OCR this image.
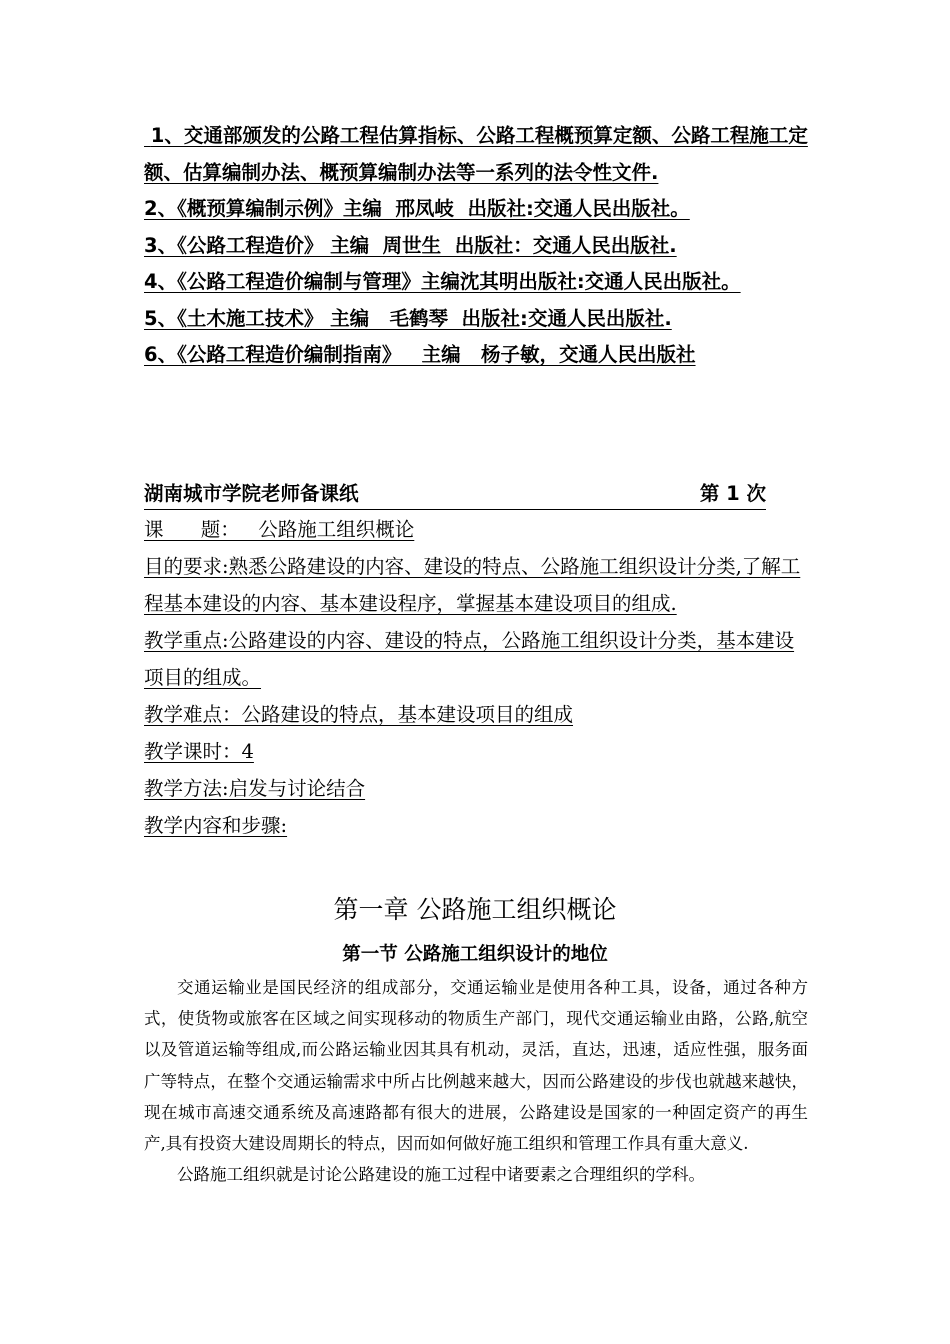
1、交通部颁发的公路工程估算指标、公路工程概预算定额、公路工程施工定额、估算编制办法、概预算编制办法等一系列的法令性文件.

2、《概预算编制示例》主编  邢凤岐  出版社:交通人民出版社。

3、《公路工程造价》 主编  周世生  出版社：交通人民出版社.

4、《公路工程造价编制与管理》主编沈其明出版社:交通人民出版社。

5、《土木施工技术》 主编   毛鹤琴  出版社:交通人民出版社.

6、《公路工程造价编制指南》   主编   杨子敏，交通人民出版社

湖南城市学院老师备课纸	第 1 次

课      题：   公路施工组织概论

目的要求:熟悉公路建设的内容、建设的特点、公路施工组织设计分类,了解工程基本建设的内容、基本建设程序，掌握基本建设项目的组成.

教学重点:公路建设的内容、建设的特点，公路施工组织设计分类，基本建设项目的组成。

教学难点：公路建设的特点，基本建设项目的组成

教学课时：4

教学方法:启发与讨论结合

教学内容和步骤:

第一章 公路施工组织概论
第一节 公路施工组织设计的地位

交通运输业是国民经济的组成部分，交通运输业是使用各种工具，设备，通过各种方式，使货物或旅客在区域之间实现移动的物质生产部门，现代交通运输业由路，公路,航空以及管道运输等组成,而公路运输业因其具有机动，灵活，直达，迅速，适应性强，服务面广等特点，在整个交通运输需求中所占比例越来越大，因而公路建设的步伐也就越来越快，现在城市高速交通系统及高速路都有很大的进展，公路建设是国家的一种固定资产的再生产,具有投资大建设周期长的特点，因而如何做好施工组织和管理工作具有重大意义.

公路施工组织就是讨论公路建设的施工过程中诸要素之合理组织的学科。
